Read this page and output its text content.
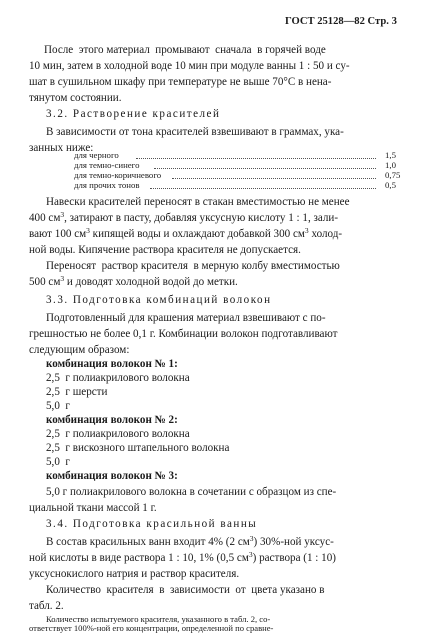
ГОСТ 25128—82 Стр. 3
После  этого материал  промывают  сначала  в горячей воде
10 мин, затем в холодной воде 10 мин при модуле ванны 1 : 50 и су-
шат в сушильном шкафу при температуре не выше 70°С в нена-
тянутом состоянии.
3.2. Растворение красителей
В зависимости от тона красителей взвешивают в граммах, ука-
занных ниже:
для черного	1,5
для темно-синего	1,0
для темно-коричневого	0,75
для прочих тонов	0,5
Навески красителей переносят в стакан вместимостью не менее
400 $см^3$, затирают в пасту, добавляя уксусную кислоту 1 : 1, зали-
вают 100 $см^3$ кипящей воды и охлаждают добавкой 300 $см^3$ холод-
ной воды. Кипячение раствора красителя не допускается.
Переносят  раствор красителя  в мерную колбу вместимостью
500 $см^3$ и доводят холодной водой до метки.
3.3. Подготовка комбинаций волокон
Подготовленный для крашения материал взвешивают с по-
грешностью не более 0,1 г. Комбинации волокон подготавливают
следующим образом:
комбинация волокон № 1:
2,5  г полиакрилового волокна
2,5  г шерсти
5,0  г
комбинация волокон № 2:
2,5  г полиакрилового волокна
2,5  г вискозного штапельного волокна
5,0  г
комбинация волокон № 3:
5,0 г полиакрилового волокна в сочетании с образцом из спе-
циальной ткани массой 1 г.
3.4. Подготовка красильной ванны
В состав красильных ванн входит 4% (2 $см^3$) 30%-ной уксус-
ной кислоты в виде раствора 1 : 10, 1% (0,5 $см^3$) раствора (1 : 10)
уксуснокислого натрия и раствор красителя.
Количество  красителя  в  зависимости  от  цвета указано в
табл. 2.
Количество испытуемого красителя, указанного в табл. 2, со-
ответствует 100%-ной его концентрации, определенной по сравне-
